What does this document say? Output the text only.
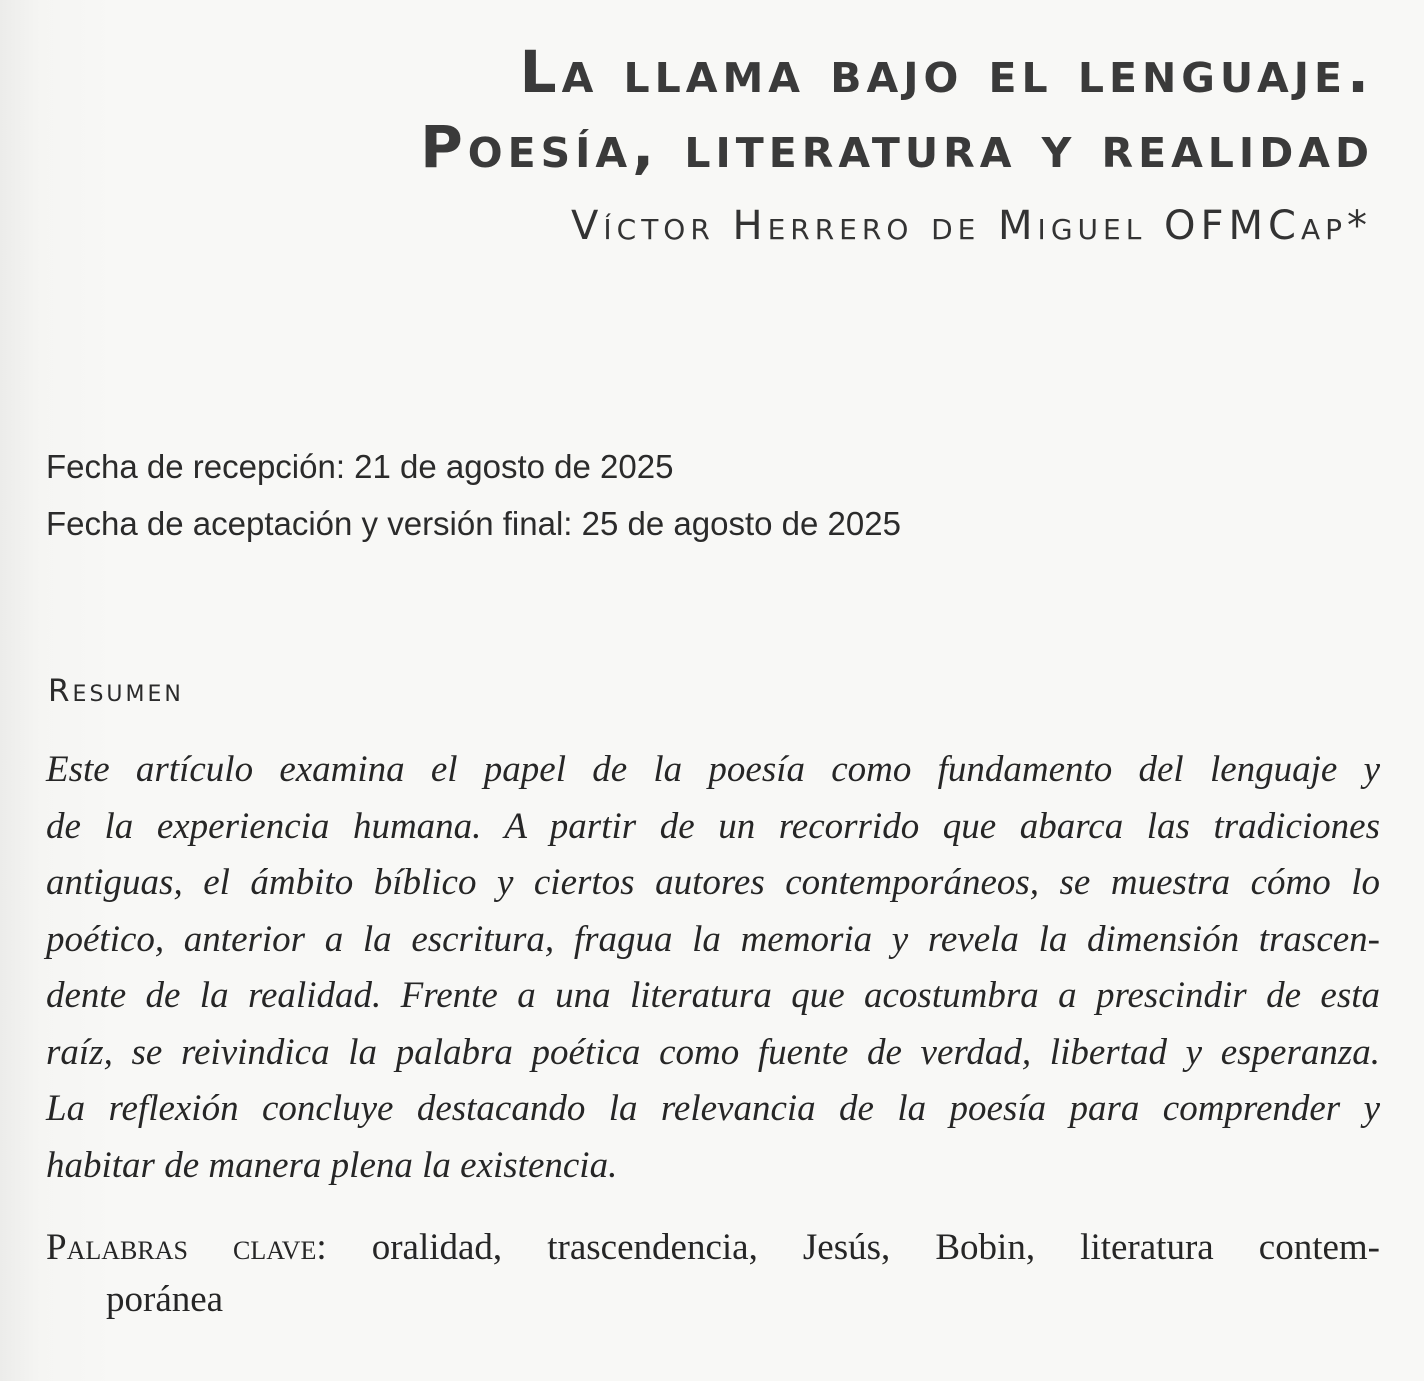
La llama bajo el lenguaje.
Poesía, literatura y realidad
Víctor Herrero de Miguel OFMCap*
Fecha de recepción: 21 de agosto de 2025
Fecha de aceptación y versión final: 25 de agosto de 2025
Resumen
Este artículo examina el papel de la poesía como fundamento del lenguaje y
de la experiencia humana. A partir de un recorrido que abarca las tradiciones
antiguas, el ámbito bíblico y ciertos autores contemporáneos, se muestra cómo lo
poético, anterior a la escritura, fragua la memoria y revela la dimensión trascen-
dente de la realidad. Frente a una literatura que acostumbra a prescindir de esta
raíz, se reivindica la palabra poética como fuente de verdad, libertad y esperanza.
La reflexión concluye destacando la relevancia de la poesía para comprender y
habitar de manera plena la existencia.
Palabras clave: oralidad, trascendencia, Jesús, Bobin, literatura contem-
poránea
